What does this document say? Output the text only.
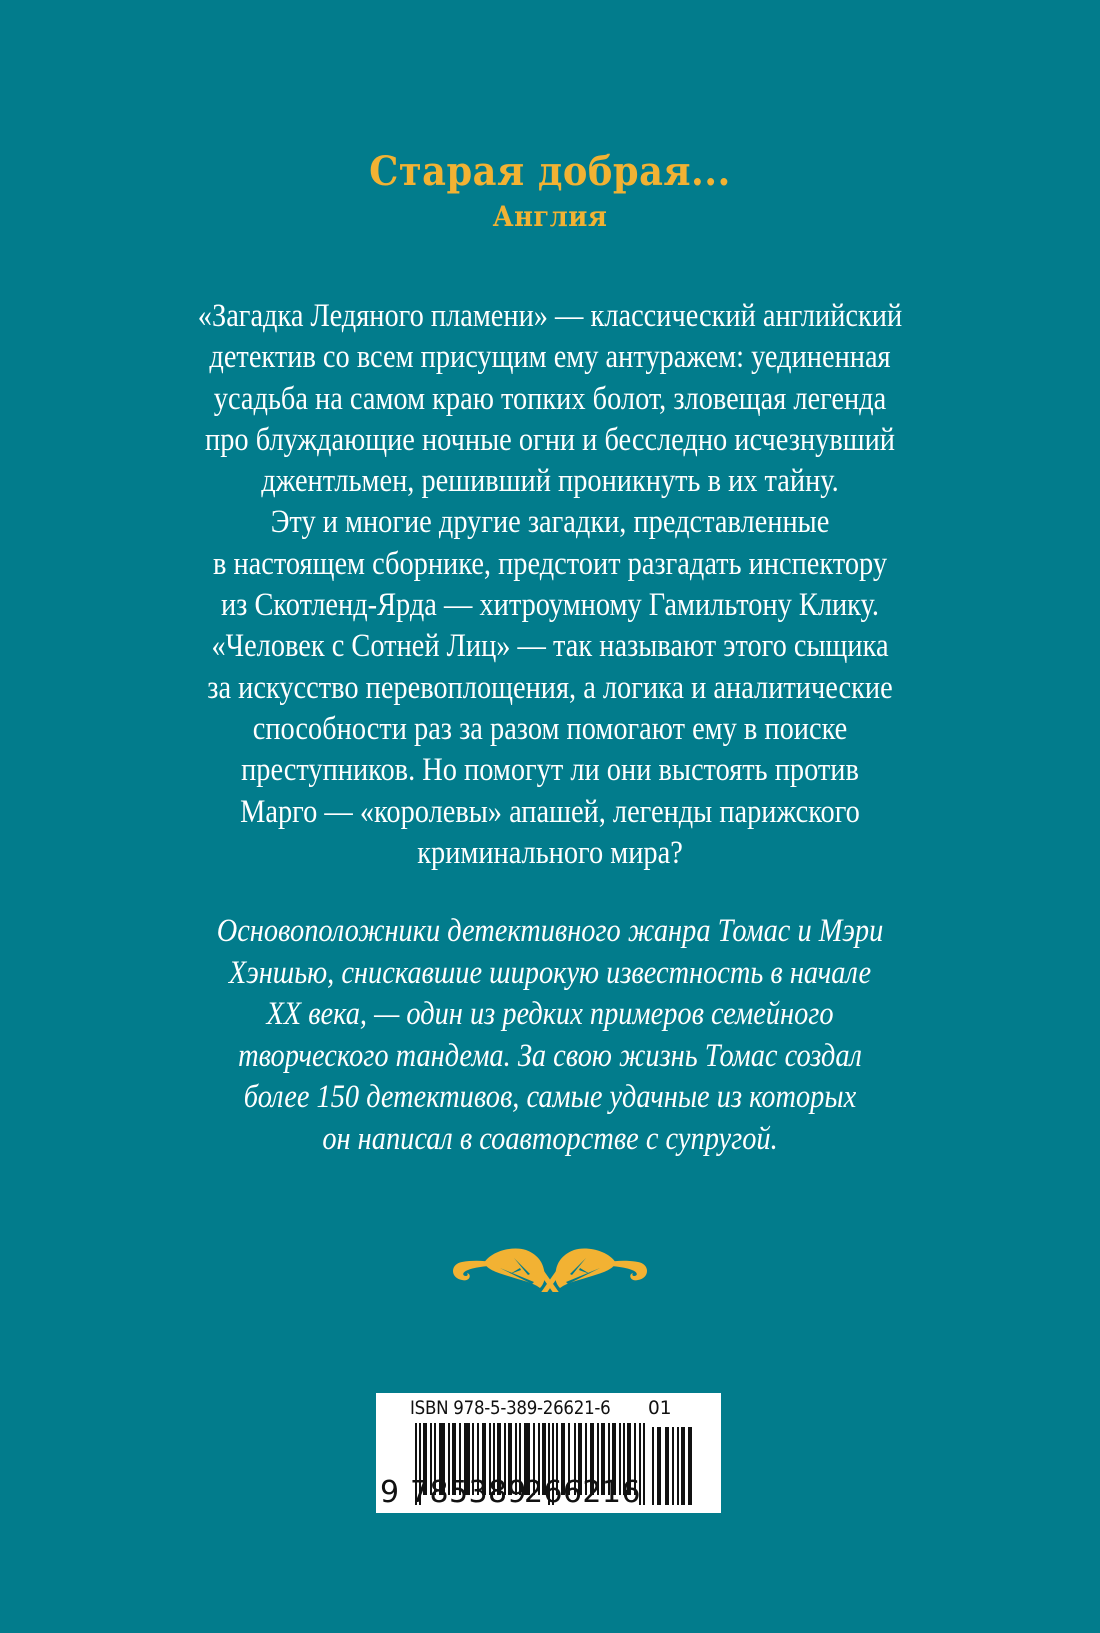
Старая добрая...
Англия
«Загадка Ледяного пламени» — классический английский
детектив со всем присущим ему антуражем: уединенная
усадьба на самом краю топких болот, зловещая легенда
про блуждающие ночные огни и бесследно исчезнувший
джентльмен, решивший проникнуть в их тайну.
Эту и многие другие загадки, представленные
в настоящем сборнике, предстоит разгадать инспектору
из Скотленд-Ярда — хитроумному Гамильтону Клику.
«Человек с Сотней Лиц» — так называют этого сыщика
за искусство перевоплощения, а логика и аналитические
способности раз за разом помогают ему в поиске
преступников. Но помогут ли они выстоять против
Марго — «королевы» апашей, легенды парижского
криминального мира?
Основоположники детективного жанра Томас и Мэри
Хэншью, снискавшие широкую известность в начале
XX века, — один из редких примеров семейного
творческого тандема. За свою жизнь Томас создал
более 150 детективов, самые удачные из которых
он написал в соавторстве с супругой.
ISBN 978-5-389-26621-6 01
9 785389 266216
